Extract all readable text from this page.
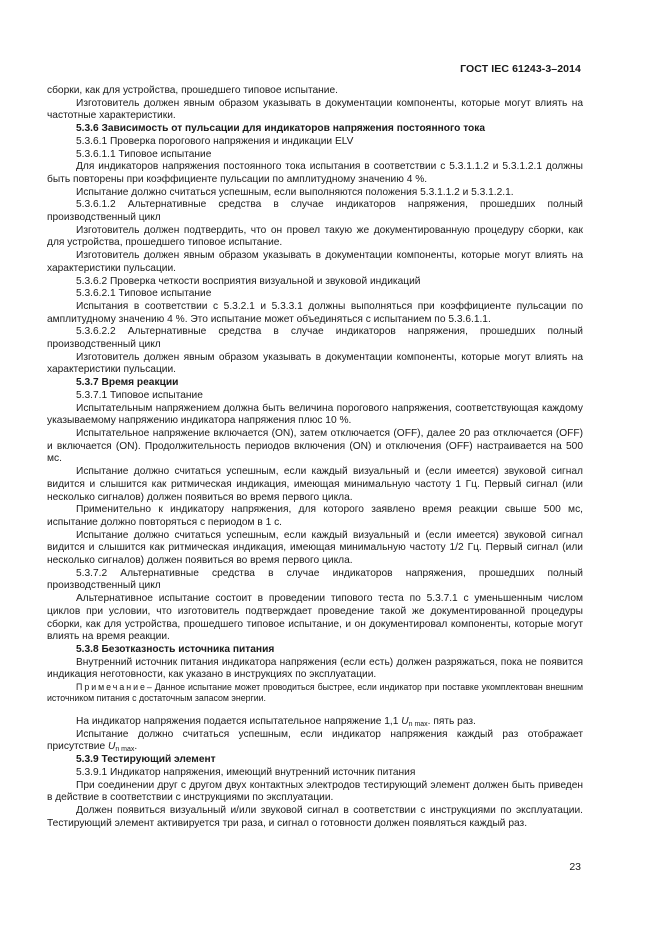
ГОСТ IEC 61243-3–2014

сборки, как для устройства, прошедшего типовое испытание.

Изготовитель должен явным образом указывать в документации компоненты, которые могут влиять на частотные характеристики.

5.3.6 Зависимость от пульсации для индикаторов напряжения постоянного тока

5.3.6.1 Проверка порогового напряжения и индикации ELV

5.3.6.1.1 Типовое испытание

Для индикаторов напряжения постоянного тока испытания в соответствии с 5.3.1.1.2 и 5.3.1.2.1 должны быть повторены при коэффициенте пульсации по амплитудному значению 4 %.

Испытание должно считаться успешным, если выполняются положения 5.3.1.1.2 и 5.3.1.2.1.

5.3.6.1.2 Альтернативные средства в случае индикаторов напряжения, прошедших полный производственный цикл

Изготовитель должен подтвердить, что он провел такую же документированную процедуру сборки, как для устройства, прошедшего типовое испытание.

Изготовитель должен явным образом указывать в документации компоненты, которые могут влиять на характеристики пульсации.

5.3.6.2 Проверка четкости восприятия визуальной и звуковой индикаций

5.3.6.2.1 Типовое испытание

Испытания в соответствии с 5.3.2.1 и 5.3.3.1 должны выполняться при коэффициенте пульсации по амплитудному значению 4 %. Это испытание может объединяться с испытанием по 5.3.6.1.1.

5.3.6.2.2 Альтернативные средства в случае индикаторов напряжения, прошедших полный производственный цикл

Изготовитель должен явным образом указывать в документации компоненты, которые могут влиять на характеристики пульсации.

5.3.7 Время реакции

5.3.7.1 Типовое испытание

Испытательным напряжением должна быть величина порогового напряжения, соответствующая каждому указываемому напряжению индикатора напряжения плюс 10 %.

Испытательное напряжение включается (ON), затем отключается (OFF), далее 20 раз отключается (OFF) и включается (ON). Продолжительность периодов включения (ON) и отключения (OFF) настраивается на 500 мс.

Испытание должно считаться успешным, если каждый визуальный и (если имеется) звуковой сигнал видится и слышится как ритмическая индикация, имеющая минимальную частоту 1 Гц. Первый сигнал (или несколько сигналов) должен появиться во время первого цикла.

Применительно к индикатору напряжения, для которого заявлено время реакции свыше 500 мс, испытание должно повторяться с периодом в 1 с.

Испытание должно считаться успешным, если каждый визуальный и (если имеется) звуковой сигнал видится и слышится как ритмическая индикация, имеющая минимальную частоту 1/2 Гц. Первый сигнал (или несколько сигналов) должен появиться во время первого цикла.

5.3.7.2 Альтернативные средства в случае индикаторов напряжения, прошедших полный производственный цикл

Альтернативное испытание состоит в проведении типового теста по 5.3.7.1 с уменьшенным числом циклов при условии, что изготовитель подтверждает проведение такой же документированной процедуры сборки, как для устройства, прошедшего типовое испытание, и он документировал компоненты, которые могут влиять на время реакции.

5.3.8 Безотказность источника питания

Внутренний источник питания индикатора напряжения (если есть) должен разряжаться, пока не появится индикация неготовности, как указано в инструкциях по эксплуатации.

Примечание– Данное испытание может проводиться быстрее, если индикатор при поставке укомплектован внешним источником питания с достаточным запасом энергии.

На индикатор напряжения подается испытательное напряжение 1,1 $U_{n max}$. пять раз.

Испытание должно считаться успешным, если индикатор напряжения каждый раз отображает присутствие $U_{n max}$.

5.3.9 Тестирующий элемент

5.3.9.1 Индикатор напряжения, имеющий внутренний источник питания

При соединении друг с другом двух контактных электродов тестирующий элемент должен быть приведен в действие в соответствии с инструкциями по эксплуатации.

Должен появиться визуальный и/или звуковой сигнал в соответствии с инструкциями по эксплуатации. Тестирующий элемент активируется три раза, и сигнал о готовности должен появляться каждый раз.

23
